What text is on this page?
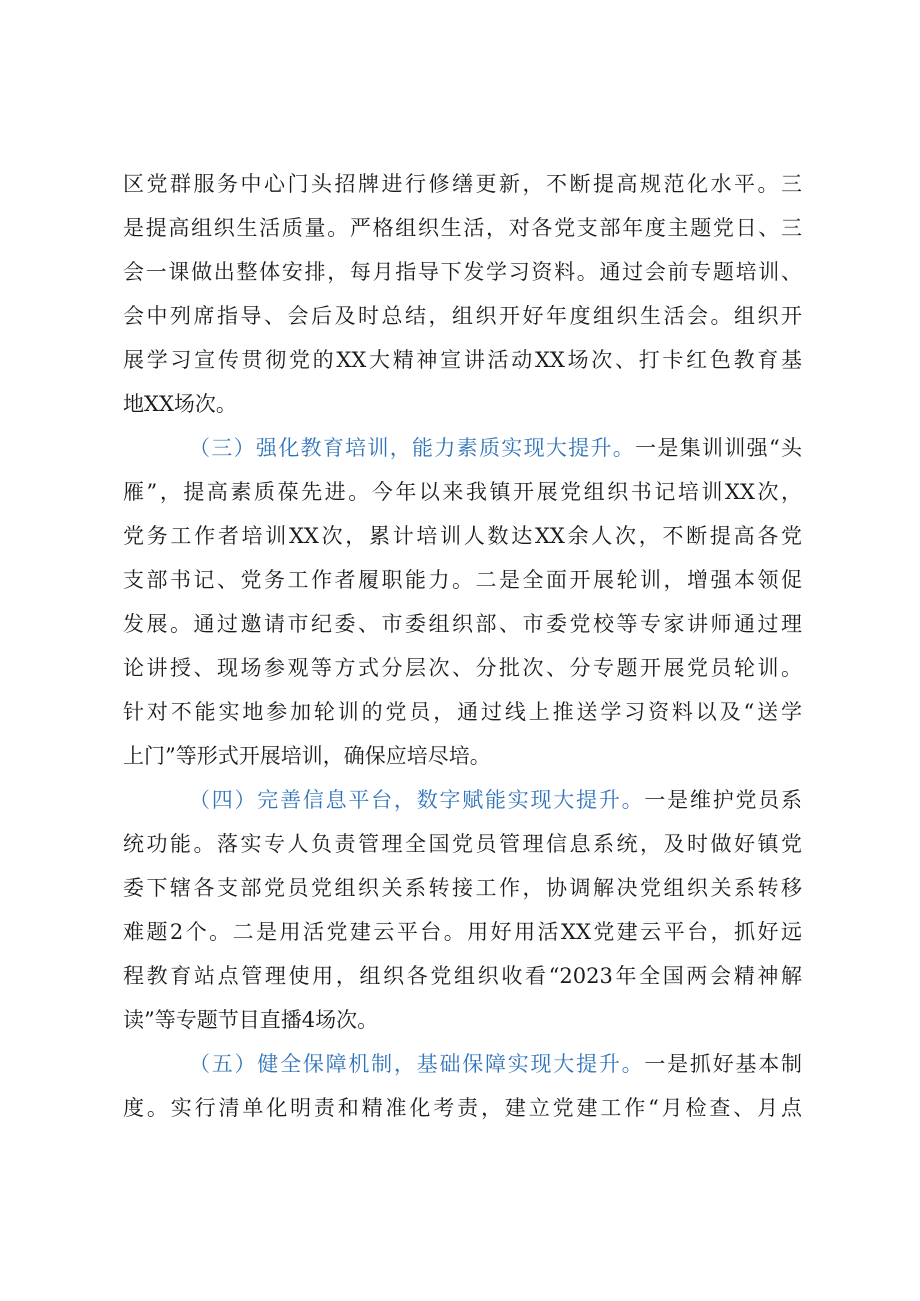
区党群服务中心门头招牌进行修缮更新，不断提高规范化水平。三
是提高组织生活质量。严格组织生活，对各党支部年度主题党日、三
会一课做出整体安排，每月指导下发学习资料。通过会前专题培训、
会中列席指导、会后及时总结，组织开好年度组织生活会。组织开
展学习宣传贯彻党的XX大精神宣讲活动XX场次、打卡红色教育基
地XX场次。
（三）强化教育培训，能力素质实现大提升。一是集训训强“头
雁”，提高素质葆先进。今年以来我镇开展党组织书记培训XX次，
党务工作者培训XX次，累计培训人数达XX余人次，不断提高各党
支部书记、党务工作者履职能力。二是全面开展轮训，增强本领促
发展。通过邀请市纪委、市委组织部、市委党校等专家讲师通过理
论讲授、现场参观等方式分层次、分批次、分专题开展党员轮训。
针对不能实地参加轮训的党员，通过线上推送学习资料以及“送学
上门”等形式开展培训，确保应培尽培。
（四）完善信息平台，数字赋能实现大提升。一是维护党员系
统功能。落实专人负责管理全国党员管理信息系统，及时做好镇党
委下辖各支部党员党组织关系转接工作，协调解决党组织关系转移
难题2个。二是用活党建云平台。用好用活XX党建云平台，抓好远
程教育站点管理使用，组织各党组织收看“2023年全国两会精神解
读”等专题节目直播4场次。
（五）健全保障机制，基础保障实现大提升。一是抓好基本制
度。实行清单化明责和精准化考责，建立党建工作“月检查、月点
